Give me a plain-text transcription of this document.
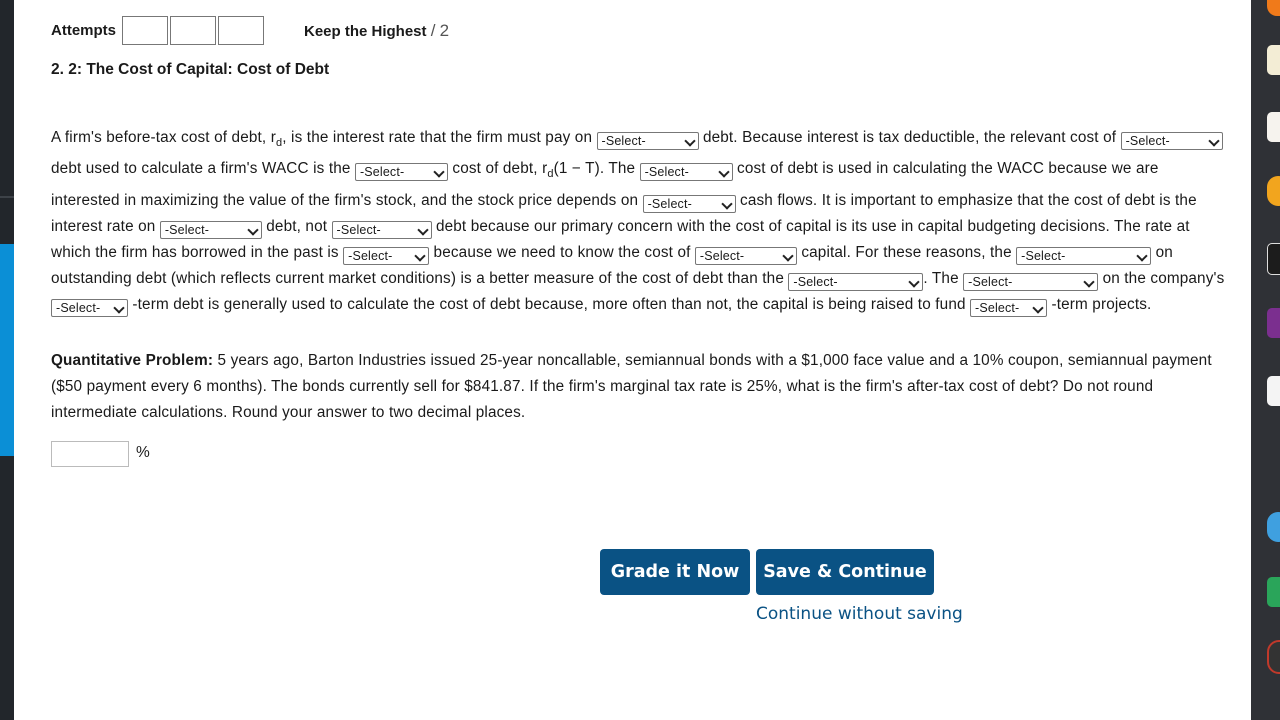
Attempts	Keep the Highest / 2
2. 2: The Cost of Capital: Cost of Debt
A firm's before-tax cost of debt, $r_d$, is the interest rate that the firm must pay on -Select-	debt. Because interest is tax deductible, the relevant cost of -Select-
debt used to calculate a firm's WACC is the -Select-	cost of debt, $r_d(1 - T)$. The -Select-	cost of debt is used in calculating the WACC because we are interested in maximizing the value of the firm's stock, and the stock price depends on -Select-	cash flows. It is important to emphasize that the cost of debt is the interest rate on -Select-	debt, not -Select-	debt because our primary concern with the cost of capital is its use in capital budgeting decisions. The rate at which the firm has borrowed in the past is -Select-	because we need to know the cost of -Select-	capital. For these reasons, the -Select-	on outstanding debt (which reflects current market conditions) is a better measure of the cost of debt than the -Select-	. The -Select-	on the company's -Select- -term debt is generally used to calculate the cost of debt because, more often than not, the capital is being raised to fund -Select- -term projects.
Quantitative Problem: 5 years ago, Barton Industries issued 25-year noncallable, semiannual bonds with a $1,000 face value and a 10% coupon, semiannual payment ($50 payment every 6 months). The bonds currently sell for $841.87. If the firm's marginal tax rate is 25%, what is the firm's after-tax cost of debt? Do not round intermediate calculations. Round your answer to two decimal places.
%
Grade it Now	Save & Continue
Continue without saving
